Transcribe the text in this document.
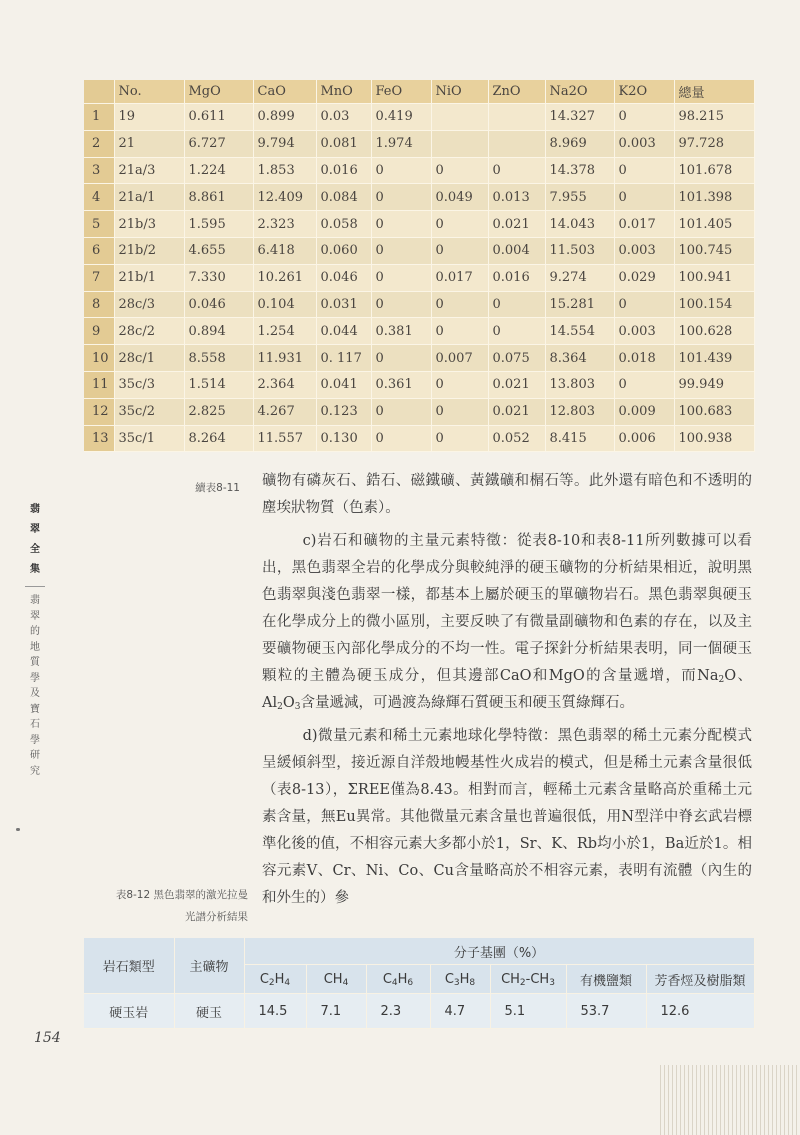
	No.	MgO	CaO	MnO	FeO	NiO	ZnO	Na2O	K2O	總量
1	19	0.611	0.899	0.03	0.419			14.327	0	98.215
2	21	6.727	9.794	0.081	1.974			8.969	0.003	97.728
3	21a/3	1.224	1.853	0.016	0	0	0	14.378	0	101.678
4	21a/1	8.861	12.409	0.084	0	0.049	0.013	7.955	0	101.398
5	21b/3	1.595	2.323	0.058	0	0	0.021	14.043	0.017	101.405
6	21b/2	4.655	6.418	0.060	0	0	0.004	11.503	0.003	100.745
7	21b/1	7.330	10.261	0.046	0	0.017	0.016	9.274	0.029	100.941
8	28c/3	0.046	0.104	0.031	0	0	0	15.281	0	100.154
9	28c/2	0.894	1.254	0.044	0.381	0	0	14.554	0.003	100.628
10	28c/1	8.558	11.931	0. 117	0	0.007	0.075	8.364	0.018	101.439
11	35c/3	1.514	2.364	0.041	0.361	0	0.021	13.803	0	99.949
12	35c/2	2.825	4.267	0.123	0	0	0.021	12.803	0.009	100.683
13	35c/1	8.264	11.557	0.130	0	0	0.052	8.415	0.006	100.938
續表8-11
表8-12 黑色翡翠的激光拉曼
光譜分析結果
翡
翠
全
集
翡
翠
的
地
質
學
及
寶
石
學
研
究

礦物有磷灰石、鋯石、磁鐵礦、黃鐵礦和榍石等。此外還有暗色和不透明的塵埃狀物質（色素）。

c)岩石和礦物的主量元素特徵：從表8-10和表8-11所列數據可以看出，黑色翡翠全岩的化學成分與較純淨的硬玉礦物的分析結果相近，說明黑色翡翠與淺色翡翠一樣，都基本上屬於硬玉的單礦物岩石。黑色翡翠與硬玉在化學成分上的微小區別，主要反映了有微量副礦物和色素的存在，以及主要礦物硬玉內部化學成分的不均一性。電子探針分析結果表明，同一個硬玉顆粒的主體為硬玉成分，但其邊部CaO和MgO的含量遞增，而$Na_2O$、$Al_2O_3$含量遞減，可過渡為綠輝石質硬玉和硬玉質綠輝石。

d)微量元素和稀土元素地球化學特徵：黑色翡翠的稀土元素分配模式呈緩傾斜型，接近源自洋殼地幔基性火成岩的模式，但是稀土元素含量很低（表8-13），ΣREE僅為8.43。相對而言，輕稀土元素含量略高於重稀土元素含量，無Eu異常。其他微量元素含量也普遍很低，用N型洋中脊玄武岩標準化後的值，不相容元素大多都小於1，Sr、K、Rb均小於1，Ba近於1。相容元素V、Cr、Ni、Co、Cu含量略高於不相容元素，表明有流體（內生的和外生的）參

岩石類型	主礦物	分子基團（%）						
		$C_2H_4$	$CH_4$	$C_4H_6$	$C_3H_8$	$CH_2-CH_3$	有機鹽類	芳香烴及樹脂類
硬玉岩	硬玉	14.5	7.1	2.3	4.7	5.1	53.7	12.6
154
